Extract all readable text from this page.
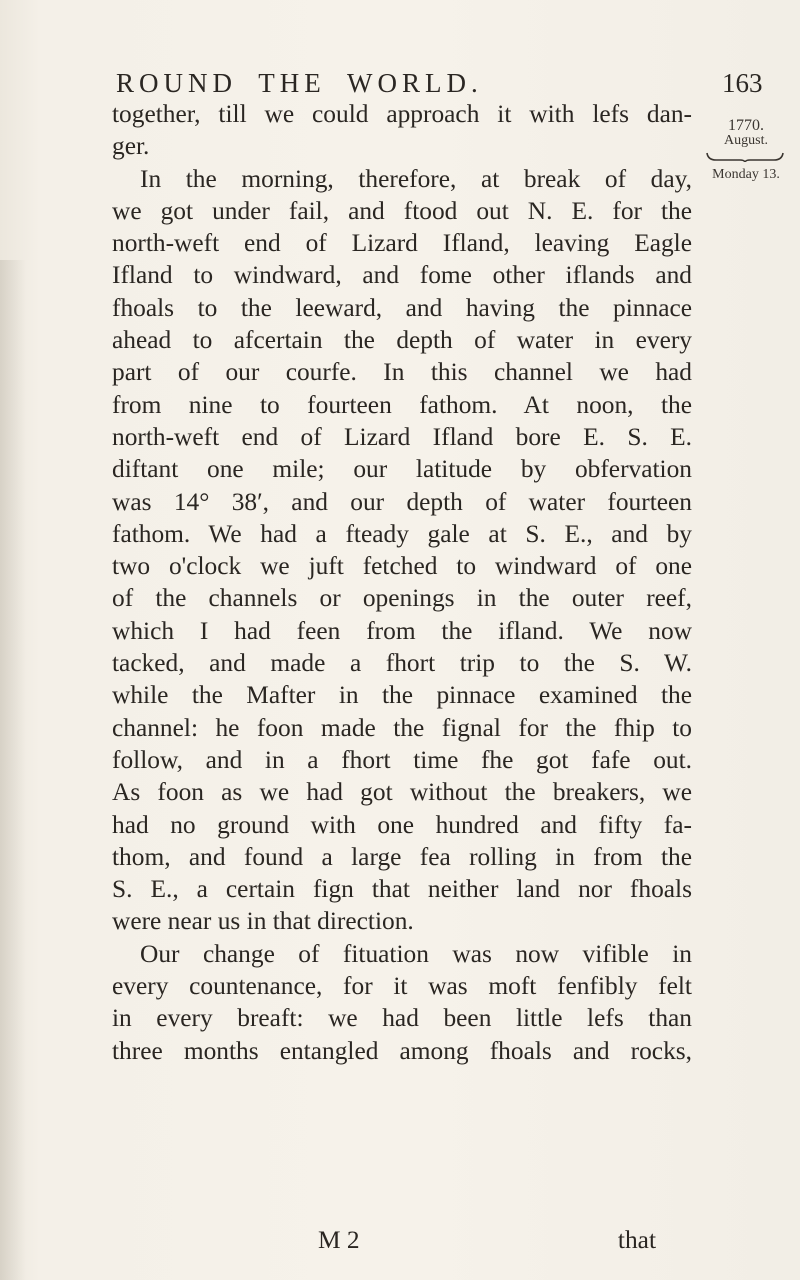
ROUND THE WORLD.	163
1770.
August.
Monday 13.
together, till we could approach it with lefs dan-
ger.
In the morning, therefore, at break of day,
we got under fail, and ftood out N. E. for the
north-weft end of Lizard Ifland, leaving Eagle
Ifland to windward, and fome other iflands and
fhoals to the leeward, and having the pinnace
ahead to afcertain the depth of water in every
part of our courfe. In this channel we had
from nine to fourteen fathom. At noon, the
north-weft end of Lizard Ifland bore E. S. E.
diftant one mile; our latitude by obfervation
was 14° 38′, and our depth of water fourteen
fathom. We had a fteady gale at S. E., and by
two o'clock we juft fetched to windward of one
of the channels or openings in the outer reef,
which I had feen from the ifland. We now
tacked, and made a fhort trip to the S. W.
while the Mafter in the pinnace examined the
channel: he foon made the fignal for the fhip to
follow, and in a fhort time fhe got fafe out.
As foon as we had got without the breakers, we
had no ground with one hundred and fifty fa-
thom, and found a large fea rolling in from the
S. E., a certain fign that neither land nor fhoals
were near us in that direction.
Our change of fituation was now vifible in
every countenance, for it was moft fenfibly felt
in every breaft: we had been little lefs than
three months entangled among fhoals and rocks,
M 2	that
